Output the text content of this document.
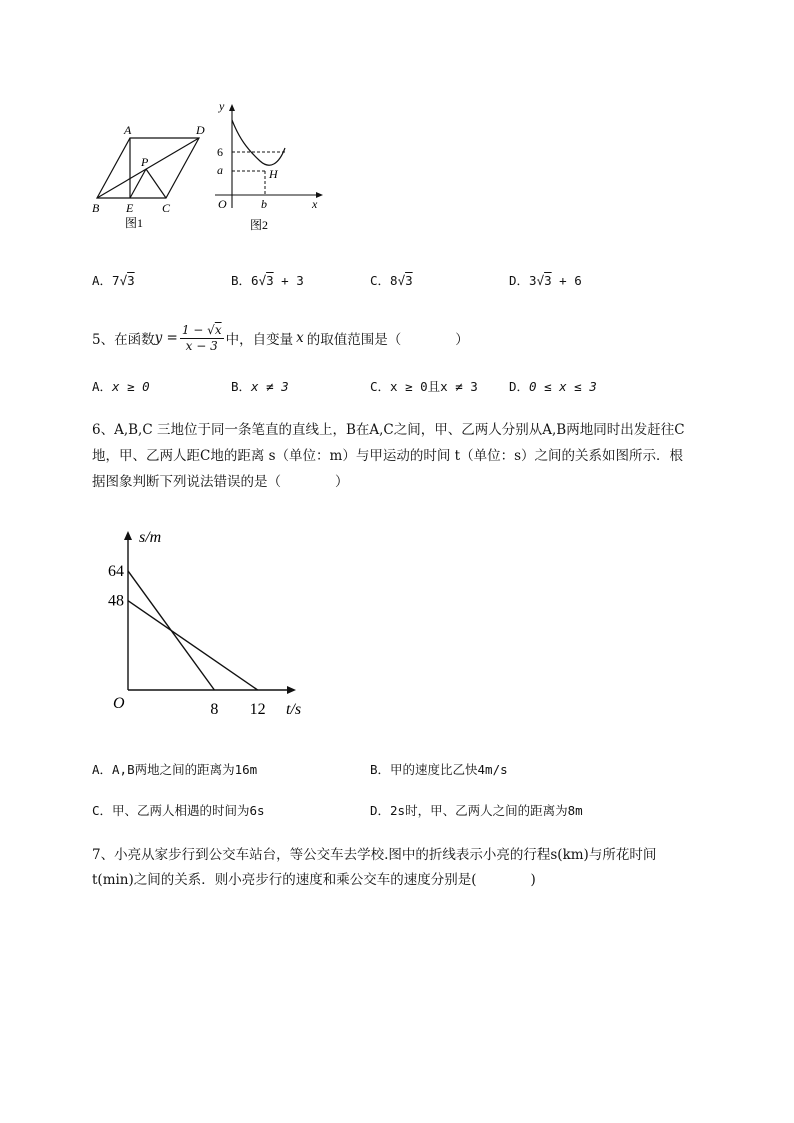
A	D
P
B E C
图1
y
6
a	H
O	b	x
图2
A．7√3	B．6√3 + 3	C．8√3	D．3√3 + 6
5、在函数 $y = \frac{1 - √x}{x - 3}$ 中，自变量 x 的取值范围是（　　　　）
A．x ≥ 0	B．x ≠ 3	C．x ≥ 0且x ≠ 3 D．0 ≤ x ≤ 3
6、A,B,C 三地位于同一条笔直的直线上，B在A,C之间，甲、乙两人分别从A,B两地同时出发赶往C
地，甲、乙两人距C地的距离 s（单位：m）与甲运动的时间 t（单位：s）之间的关系如图所示．根
据图象判断下列说法错误的是（　　　　）
64
48
8 12
O
s/m
t/s
A．A,B两地之间的距离为16m	B．甲的速度比乙快4m/s
C．甲、乙两人相遇的时间为6s	D．2s时，甲、乙两人之间的距离为8m
7、小亮从家步行到公交车站台，等公交车去学校.图中的折线表示小亮的行程s(km)与所花时间
t(min)之间的关系．则小亮步行的速度和乘公交车的速度分别是(　　　　)
